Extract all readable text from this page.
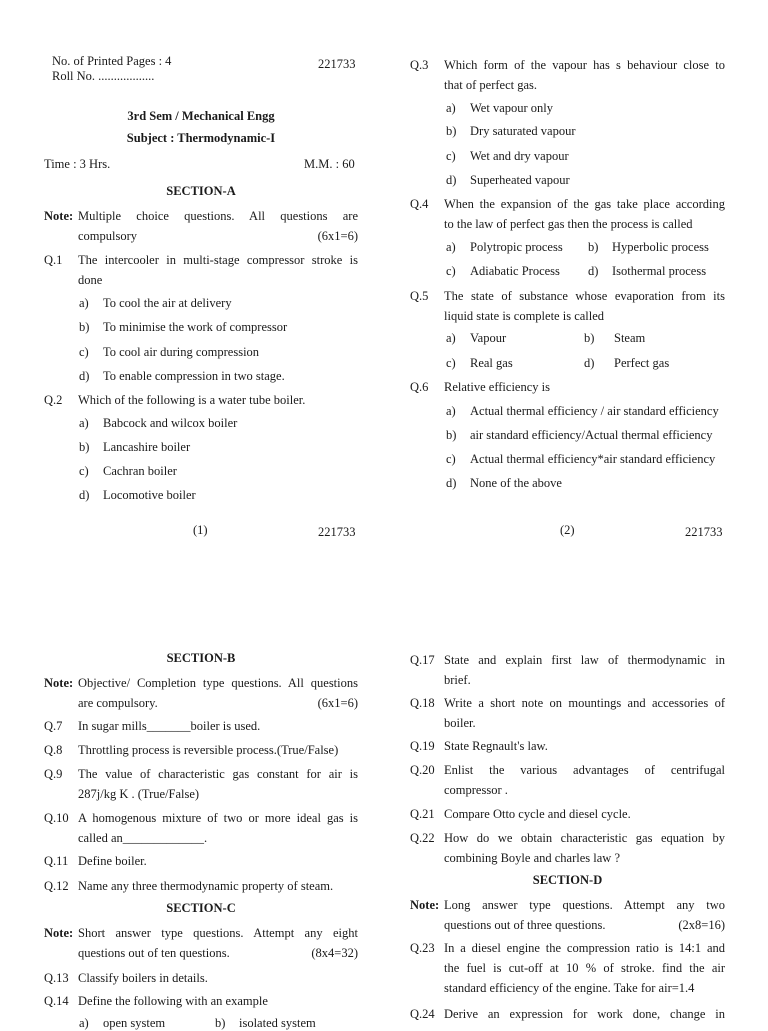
No. of Printed Pages : 4
Roll No. ..................
221733
3rd Sem / Mechanical Engg
Subject : Thermodynamic-I
Time : 3 Hrs.	M.M. : 60
SECTION-A
Note: Multiple choice questions. All questions are
compulsory	(6x1=6)
Q.1	The intercooler in multi-stage compressor stroke is
done
a)	To cool the air at delivery
b)	To minimise the work of compressor
c)	To cool air during compression
d)	To enable compression in two stage.
Q.2	Which of the following is a water tube boiler.
a)	Babcock and wilcox boiler
b)	Lancashire boiler
c)	Cachran boiler
d)	Locomotive boiler
(1)	221733
Q.3	Which form of the vapour has s behaviour close to
that of perfect gas.
a)	Wet vapour only
b)	Dry saturated vapour
c)	Wet and dry vapour
d)	Superheated vapour
Q.4	When the expansion of the gas take place according
to the law of perfect gas then the process is called
a)	Polytropic process b)	Hyperbolic process
c)	Adiabatic Process d)	Isothermal process
Q.5	The state of substance whose evaporation from its
liquid state is complete is called
a)	Vapour	b)	Steam
c)	Real gas	d)	Perfect gas
Q.6	Relative efficiency is
a)	Actual thermal efficiency / air standard efficiency
b)	air standard efficiency/Actual thermal efficiency
c)	Actual thermal efficiency*air standard efficiency
d)	None of the above
(2)	221733
SECTION-B
Note: Objective/ Completion type questions. All questions
are compulsory.	(6x1=6)
Q.7	In sugar mills_______boiler is used.
Q.8	Throttling process is reversible process.(True/False)
Q.9	The value of characteristic gas constant for air is
287j/kg K . (True/False)
Q.10 A homogenous mixture of two or more ideal gas is
called an_____________.
Q.11 Define boiler.
Q.12 Name any three thermodynamic property of steam.
SECTION-C
Note: Short answer type questions. Attempt any eight
questions out of ten questions.	(8x4=32)
Q.13 Classify boilers in details.
Q.14 Define the following with an example
a)	open system	b)	isolated system
Q.17 State and explain first law of thermodynamic in
brief.
Q.18 Write a short note on mountings and accessories of
boiler.
Q.19 State Regnault's law.
Q.20 Enlist the various advantages of centrifugal
compressor .
Q.21 Compare Otto cycle and diesel cycle.
Q.22 How do we obtain characteristic gas equation by
combining Boyle and charles law ?
SECTION-D
Note: Long answer type questions. Attempt any two
questions out of three questions.	(2x8=16)
Q.23 In a diesel engine the compression ratio is 14:1 and
the fuel is cut-off at 10 % of stroke. find the air
standard efficiency of the engine. Take for air=1.4
Q.24 Derive an expression for work done, change in
